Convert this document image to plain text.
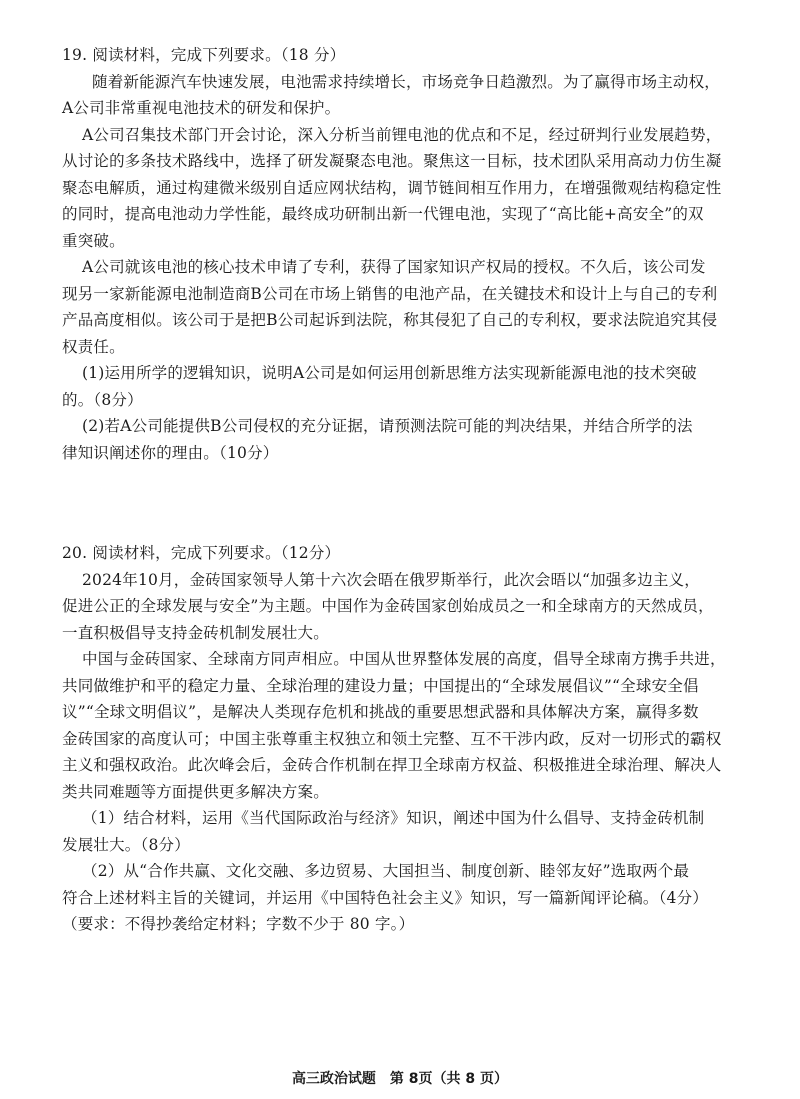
19. 阅读材料，完成下列要求。（18 分）
随着新能源汽车快速发展，电池需求持续增长，市场竞争日趋激烈。为了赢得市场主动权，
A公司非常重视电池技术的研发和保护。
A公司召集技术部门开会讨论，深入分析当前锂电池的优点和不足，经过研判行业发展趋势，
从讨论的多条技术路线中，选择了研发凝聚态电池。聚焦这一目标，技术团队采用高动力仿生凝
聚态电解质，通过构建微米级别自适应网状结构，调节链间相互作用力，在增强微观结构稳定性
的同时，提高电池动力学性能，最终成功研制出新一代锂电池，实现了“高比能+高安全”的双
重突破。
A公司就该电池的核心技术申请了专利，获得了国家知识产权局的授权。不久后，该公司发
现另一家新能源电池制造商B公司在市场上销售的电池产品，在关键技术和设计上与自己的专利
产品高度相似。该公司于是把B公司起诉到法院，称其侵犯了自己的专利权，要求法院追究其侵
权责任。
(1)运用所学的逻辑知识，说明A公司是如何运用创新思维方法实现新能源电池的技术突破
的。（8分）
(2)若A公司能提供B公司侵权的充分证据，请预测法院可能的判决结果，并结合所学的法
律知识阐述你的理由。（10分）
20. 阅读材料，完成下列要求。（12分）
2024年10月，金砖国家领导人第十六次会晤在俄罗斯举行，此次会晤以“加强多边主义，
促进公正的全球发展与安全”为主题。中国作为金砖国家创始成员之一和全球南方的天然成员，
一直积极倡导支持金砖机制发展壮大。
中国与金砖国家、全球南方同声相应。中国从世界整体发展的高度，倡导全球南方携手共进，
共同做维护和平的稳定力量、全球治理的建设力量；中国提出的“全球发展倡议”“全球安全倡
议”“全球文明倡议”，是解决人类现存危机和挑战的重要思想武器和具体解决方案，赢得多数
金砖国家的高度认可；中国主张尊重主权独立和领土完整、互不干涉内政，反对一切形式的霸权
主义和强权政治。此次峰会后，金砖合作机制在捍卫全球南方权益、积极推进全球治理、解决人
类共同难题等方面提供更多解决方案。
（1）结合材料，运用《当代国际政治与经济》知识，阐述中国为什么倡导、支持金砖机制
发展壮大。（8分）
（2）从“合作共赢、文化交融、多边贸易、大国担当、制度创新、睦邻友好”选取两个最
符合上述材料主旨的关键词，并运用《中国特色社会主义》知识，写一篇新闻评论稿。（4分）
（要求：不得抄袭给定材料；字数不少于 80 字。）
高三政治试题　第 8页（共 8 页）
